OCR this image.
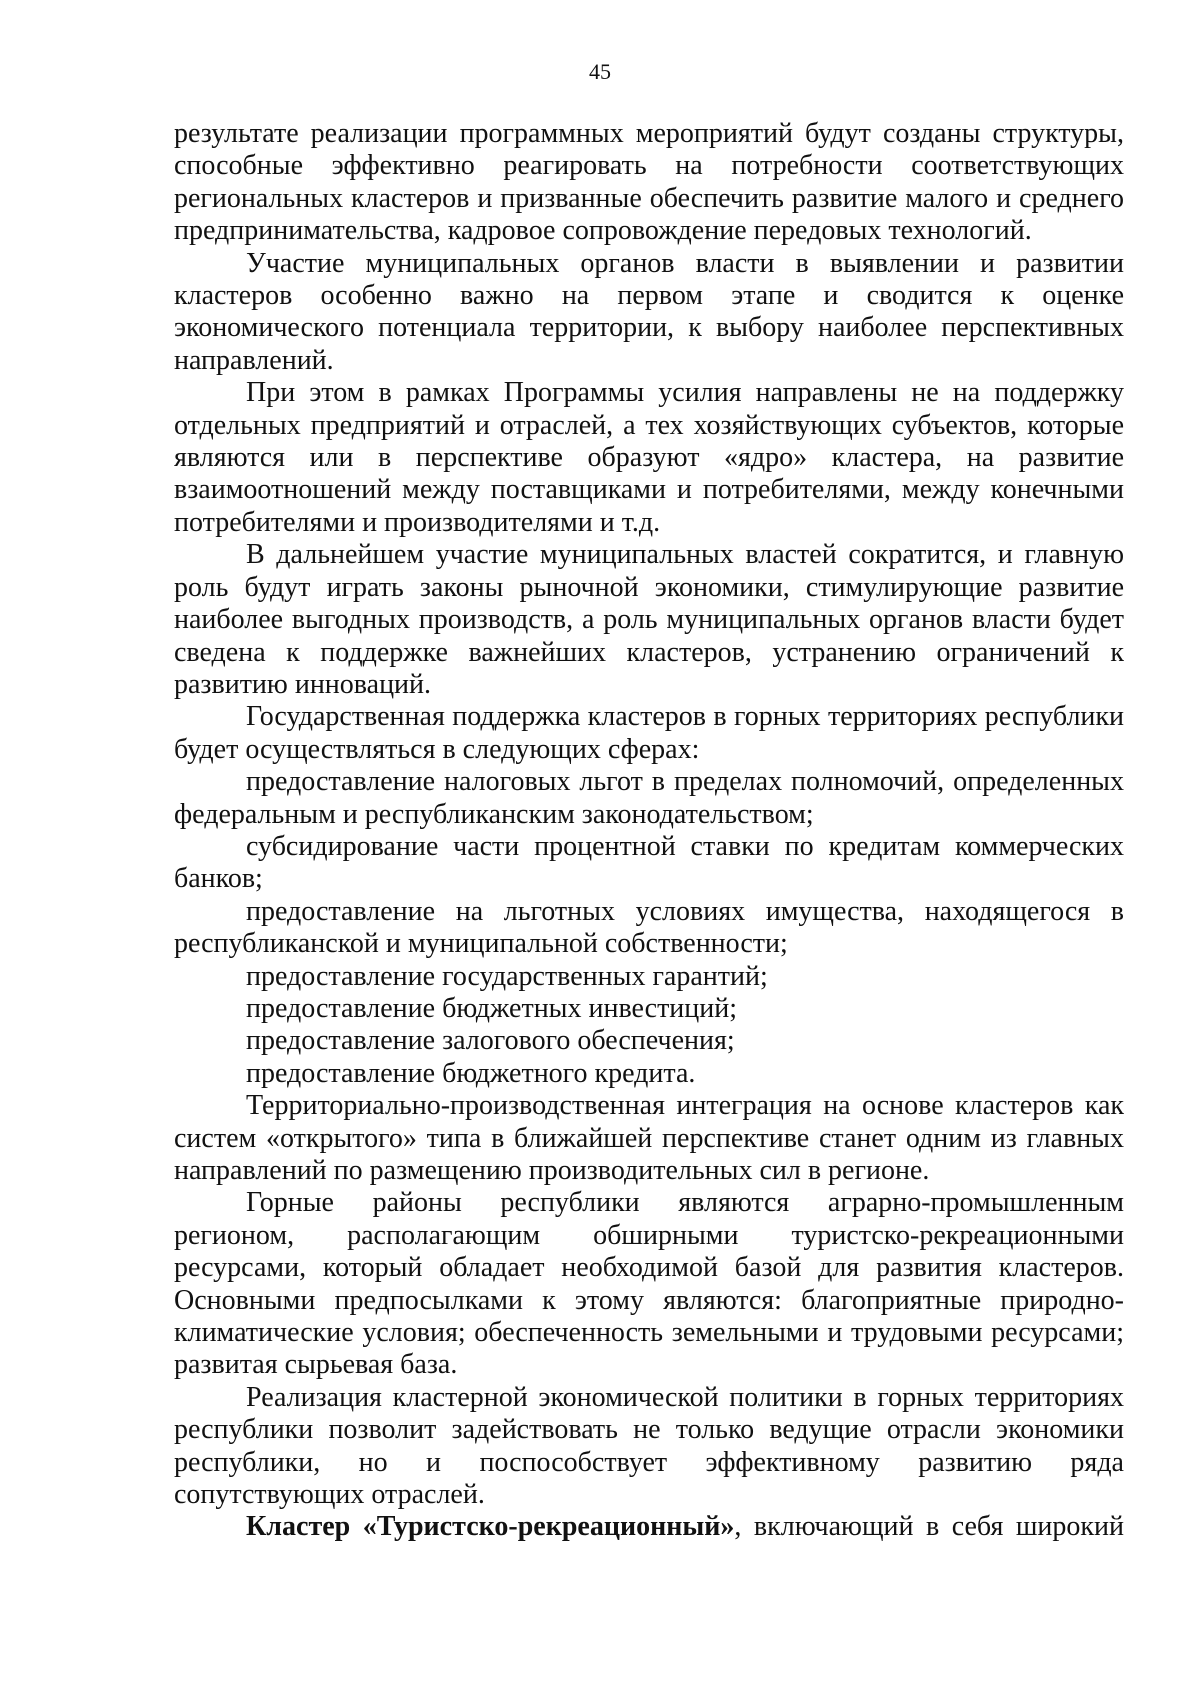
45

результате реализации программных мероприятий будут созданы структуры, способные эффективно реагировать на потребности соответствующих региональных кластеров и призванные обеспечить развитие малого и среднего предпринимательства, кадровое сопровождение передовых технологий.

Участие муниципальных органов власти в выявлении и развитии кластеров особенно важно на первом этапе и сводится к оценке экономического потенциала территории, к выбору наиболее перспективных направлений.

При этом в рамках Программы усилия направлены не на поддержку отдельных предприятий и отраслей, а тех хозяйствующих субъектов, которые являются или в перспективе образуют «ядро» кластера, на развитие взаимоотношений между поставщиками и потребителями, между конечными потребителями и производителями и т.д.

В дальнейшем участие муниципальных властей сократится, и главную роль будут играть законы рыночной экономики, стимулирующие развитие наиболее выгодных производств, а роль муниципальных органов власти будет сведена к поддержке важнейших кластеров, устранению ограничений к развитию инноваций.

Государственная поддержка кластеров в горных территориях республики будет осуществляться в следующих сферах:

предоставление налоговых льгот в пределах полномочий, определенных федеральным и республиканским законодательством;

субсидирование части процентной ставки по кредитам коммерческих банков;

предоставление на льготных условиях имущества, находящегося в республиканской и муниципальной собственности;

предоставление государственных гарантий;

предоставление бюджетных инвестиций;

предоставление залогового обеспечения;

предоставление бюджетного кредита.

Территориально-производственная интеграция на основе кластеров как систем «открытого» типа в ближайшей перспективе станет одним из главных направлений по размещению производительных сил в регионе.

Горные районы республики являются аграрно-промышленным регионом, располагающим обширными туристско-рекреационными ресурсами, который обладает необходимой базой для развития кластеров. Основными предпосылками к этому являются: благоприятные природно-климатические условия; обеспеченность земельными и трудовыми ресурсами; развитая сырьевая база.

Реализация кластерной экономической политики в горных территориях республики позволит задействовать не только ведущие отрасли экономики республики, но и поспособствует эффективному развитию ряда сопутствующих отраслей.

Кластер «Туристско-рекреационный», включающий в себя широкий
